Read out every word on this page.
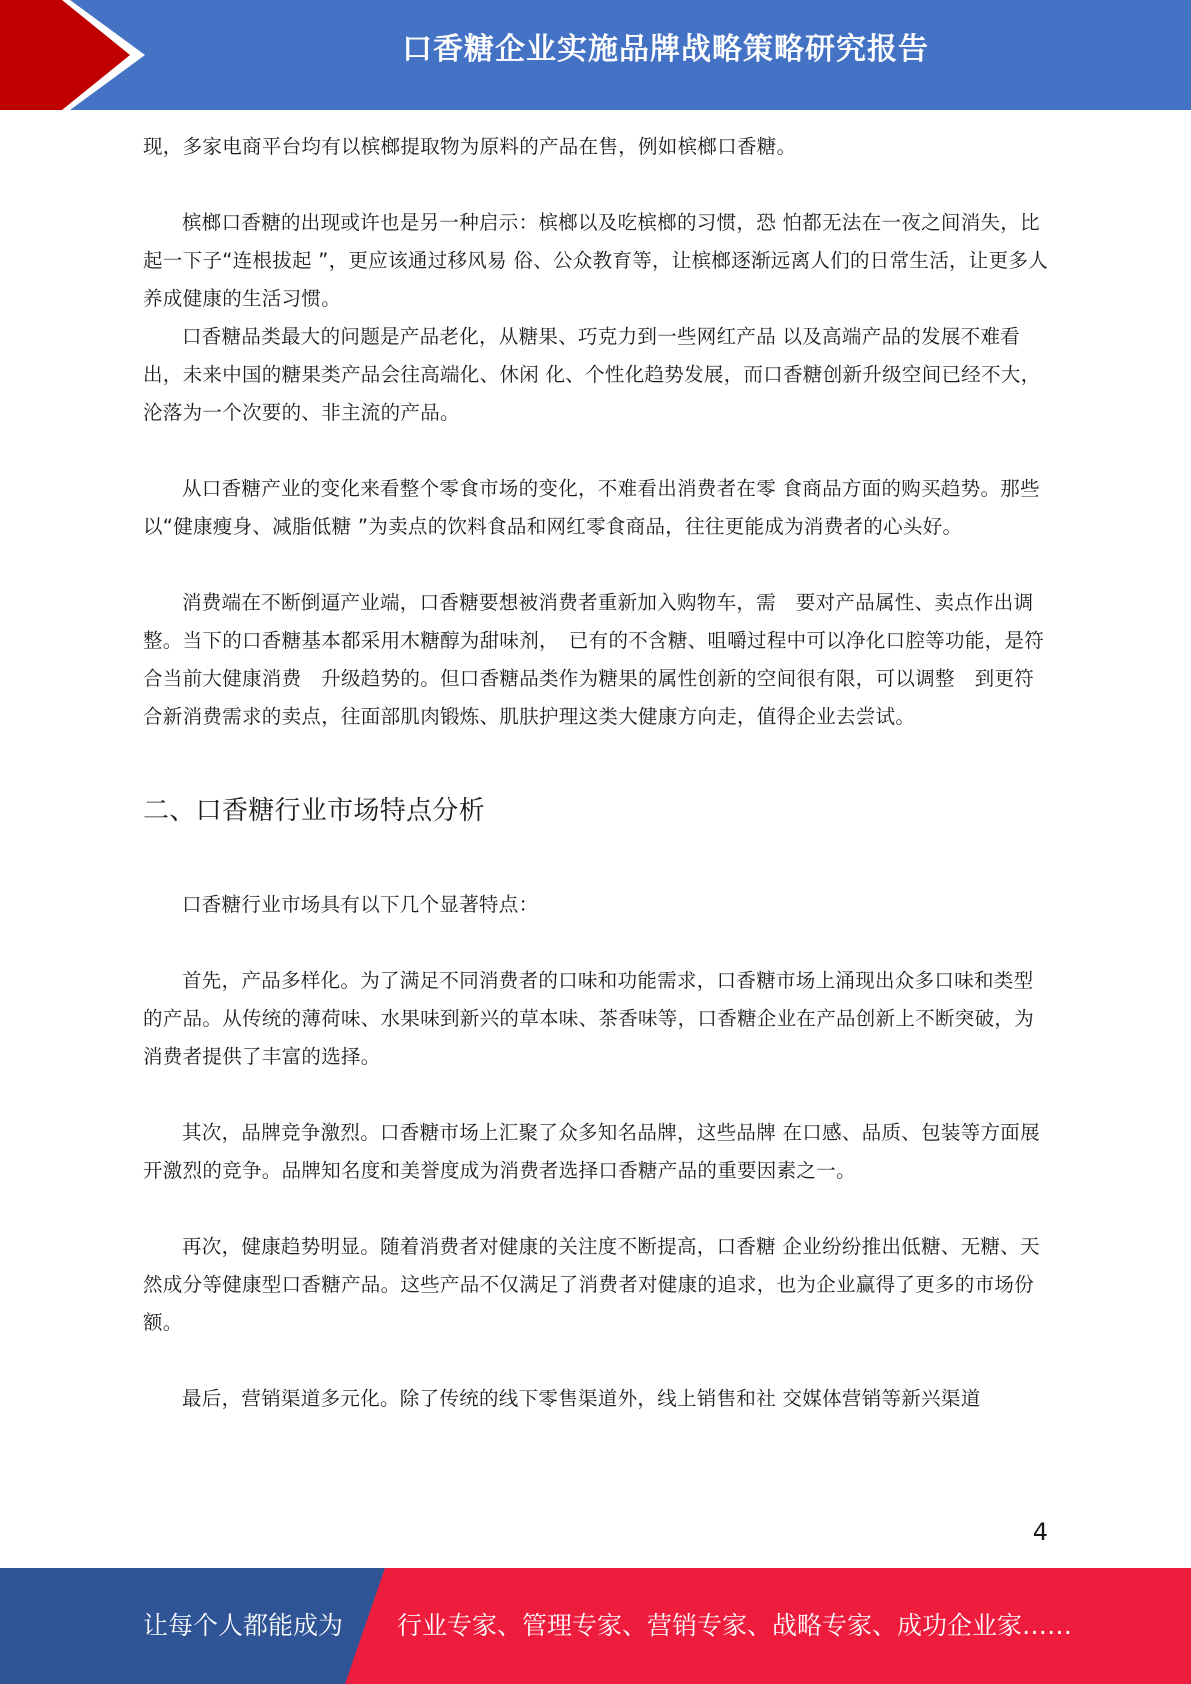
口香糖企业实施品牌战略策略研究报告

现，多家电商平台均有以槟榔提取物为原料的产品在售，例如槟榔口香糖。

槟榔口香糖的出现或许也是另一种启示：槟榔以及吃槟榔的习惯，恐 怕都无法在一夜之间消失，比起一下子“连根拔起 ”，更应该通过移风易 俗、公众教育等，让槟榔逐渐远离人们的日常生活，让更多人养成健康的生活习惯。

口香糖品类最大的问题是产品老化，从糖果、巧克力到一些网红产品 以及高端产品的发展不难看出，未来中国的糖果类产品会往高端化、休闲 化、个性化趋势发展，而口香糖创新升级空间已经不大，沦落为一个次要的、非主流的产品。

从口香糖产业的变化来看整个零食市场的变化，不难看出消费者在零 食商品方面的购买趋势。那些以“健康瘦身、减脂低糖 ”为卖点的饮料食品和网红零食商品，往往更能成为消费者的心头好。

消费端在不断倒逼产业端，口香糖要想被消费者重新加入购物车，需　要对产品属性、卖点作出调整。当下的口香糖基本都采用木糖醇为甜味剂，　已有的不含糖、咀嚼过程中可以净化口腔等功能，是符合当前大健康消费　升级趋势的。但口香糖品类作为糖果的属性创新的空间很有限，可以调整　到更符合新消费需求的卖点，往面部肌肉锻炼、肌肤护理这类大健康方向走，值得企业去尝试。

二、口香糖行业市场特点分析

口香糖行业市场具有以下几个显著特点：

首先，产品多样化。为了满足不同消费者的口味和功能需求，口香糖市场上涌现出众多口味和类型的产品。从传统的薄荷味、水果味到新兴的草本味、茶香味等，口香糖企业在产品创新上不断突破，为消费者提供了丰富的选择。

其次，品牌竞争激烈。口香糖市场上汇聚了众多知名品牌，这些品牌 在口感、品质、包装等方面展开激烈的竞争。品牌知名度和美誉度成为消费者选择口香糖产品的重要因素之一。

再次，健康趋势明显。随着消费者对健康的关注度不断提高，口香糖 企业纷纷推出低糖、无糖、天然成分等健康型口香糖产品。这些产品不仅满足了消费者对健康的追求，也为企业赢得了更多的市场份额。

最后，营销渠道多元化。除了传统的线下零售渠道外，线上销售和社 交媒体营销等新兴渠道

4
让每个人都能成为 行业专家、管理专家、营销专家、战略专家、成功企业家……
